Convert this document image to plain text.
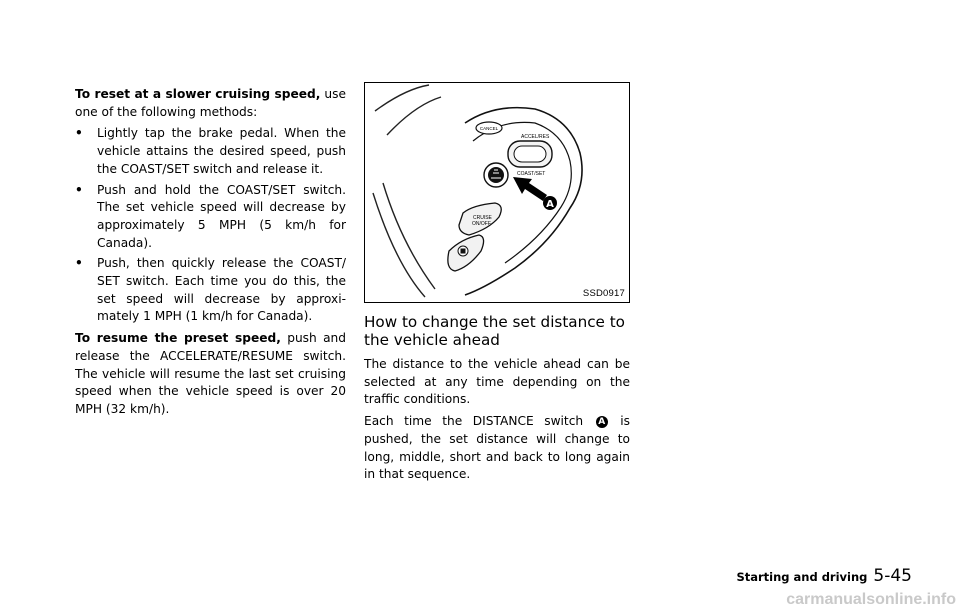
To reset at a slower cruising speed, use one of the following methods:

• Lightly tap the brake pedal. When the vehicle attains the desired speed, push the COAST/SET switch and release it.
• Push and hold the COAST/SET switch. The set vehicle speed will decrease by approximately 5 MPH (5 km/h for Canada).
• Push, then quickly release the COAST/ SET switch. Each time you do this, the set speed will decrease by approxi- mately 1 MPH (1 km/h for Canada).

To resume the preset speed, push and release the ACCELERATE/RESUME switch. The vehicle will resume the last set cruising speed when the vehicle speed is over 20 MPH (32 km/h).

CANCEL
ACCEL/RES
COAST/SET
A
CRUISE
ON/OFF
SSD0917
How to change the set distance to the vehicle ahead

The distance to the vehicle ahead can be selected at any time depending on the traffic conditions.

Each time the DISTANCE switch A is pushed, the set distance will change to long, middle, short and back to long again in that sequence.

Starting and driving 5-45
carmanualsonline.info
